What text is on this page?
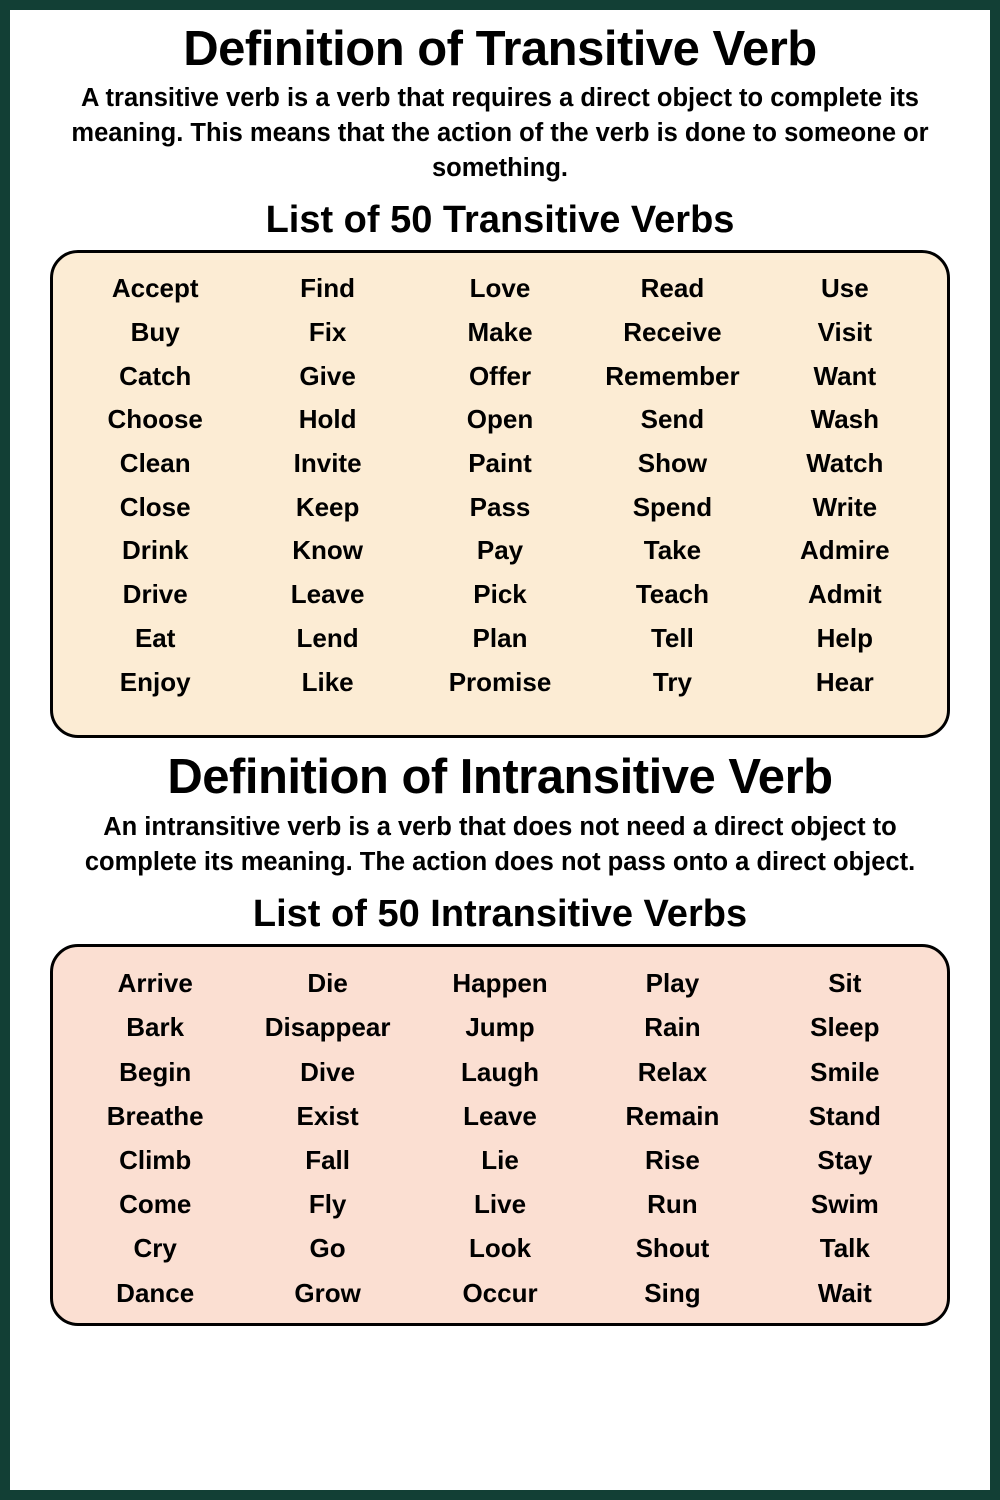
Definition of Transitive Verb

A transitive verb is a verb that requires a direct object to complete its meaning. This means that the action of the verb is done to someone or something.

List of 50 Transitive Verbs
Accept
Buy
Catch
Choose
Clean
Close
Drink
Drive
Eat
Enjoy
Find
Fix
Give
Hold
Invite
Keep
Know
Leave
Lend
Like
Love
Make
Offer
Open
Paint
Pass
Pay
Pick
Plan
Promise
Read
Receive
Remember
Send
Show
Spend
Take
Teach
Tell
Try
Use
Visit
Want
Wash
Watch
Write
Admire
Admit
Help
Hear
Definition of Intransitive Verb

An intransitive verb is a verb that does not need a direct object to complete its meaning. The action does not pass onto a direct object.

List of 50 Intransitive Verbs
Arrive
Bark
Begin
Breathe
Climb
Come
Cry
Dance
Die
Disappear
Dive
Exist
Fall
Fly
Go
Grow
Happen
Jump
Laugh
Leave
Lie
Live
Look
Occur
Play
Rain
Relax
Remain
Rise
Run
Shout
Sing
Sit
Sleep
Smile
Stand
Stay
Swim
Talk
Wait
